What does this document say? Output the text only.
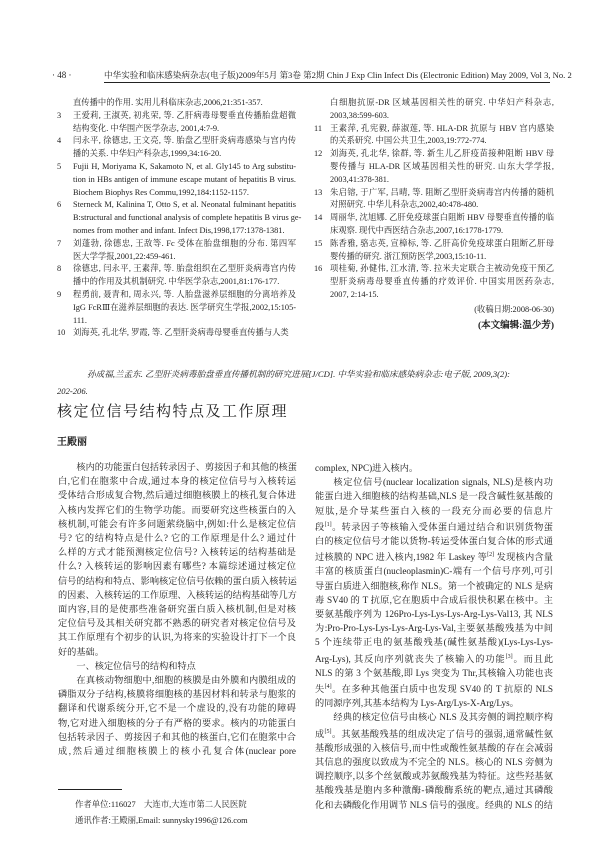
· 48 ·	中华实验和临床感染病杂志(电子版)2009年5月 第3卷 第2期 Chin J Exp Clin Infect Dis (Electronic Edition) May 2009, Vol 3, No. 2
直传播中的作用. 实用儿科临床杂志,2006,21:351-357.
3 王爱莉, 王淑英, 初兆荣, 等. 乙肝病毒母婴垂直传播胎盘超微
结构变化. 中华围产医学杂志, 2001,4:7-9.
4 闫永平, 徐德忠, 王文亮, 等. 胎盘乙型肝炎病毒感染与宫内传
播的关系. 中华妇产科杂志,1999,34:16-20.
5 Fujii H, Moriyama K, Sakamoto N, et al. Gly145 to Arg substitu-
tion in HBs antigen of immune escape mutant of hepatitis B virus.
Biochem Biophys Res Commu,1992,184:1152-1157.
6 Sterneck M, Kalinina T, Otto S, et al. Neonatal fulminant hepatitis
B:structural and functional analysis of complete hepatitis B virus ge-
nomes from mother and infant. Infect Dis,1998,177:1378-1381.
7 刘蓬勃, 徐德忠, 王敌等. Fc 受体在胎盘细胞的分布. 第四军
医大学学报,2001,22:459-461.
8 徐德忠, 闫永平, 王素萍, 等. 胎盘组织在乙型肝炎病毒宫内传
播中的作用及其机制研究. 中华医学杂志,2001,81:176-177.
9 程勇前, 聂青和, 周永兴, 等. 人胎盘滋养层细胞的分离培养及
IgG FcRⅢ在滋养层细胞的表达. 医学研究生学报,2002,15:105-
111.
10 刘海英, 孔北华, 罗霞, 等. 乙型肝炎病毒母婴垂直传播与人类
白细胞抗原-DR 区域基因相关性的研究. 中华妇产科杂志,
2003,38:599-603.
11 王素萍, 孔宪毅, 薛淑莲, 等. HLA-DR 抗原与 HBV 宫内感染
的关系研究. 中国公共卫生,2003,19:772-774.
12 刘海英, 孔北华, 徐群, 等. 新生儿乙肝疫苗接种阻断 HBV 母
婴传播与 HLA-DR 区域基因相关性的研究. 山东大学学报,
2003,41:378-381.
13 朱启镕, 于广军, 吕晴, 等. 阻断乙型肝炎病毒宫内传播的随机
对照研究. 中华儿科杂志,2002,40:478-480.
14 周丽华, 沈旭娜. 乙肝免疫球蛋白阻断 HBV 母婴垂直传播的临
床观察. 现代中西医结合杂志,2007,16:1778-1779.
15 陈香雅, 骆志英, 宣樟标, 等. 乙肝高价免疫球蛋白阻断乙肝母
婴传播的研究. 浙江预防医学,2003,15:10-11.
16 项桂菊, 孙健伟, 江水清, 等. 拉米夫定联合主被动免疫干预乙
型肝炎病毒母婴垂直传播的疗效评价. 中国实用医药杂志,
2007, 2:14-15.
(收稿日期:2008-06-30)
(本文编辑:温少芳)
孙成福,兰孟东. 乙型肝炎病毒胎盘垂直传播机制的研究进展[J/CD]. 中华实验和临床感染病杂志:电子版, 2009,3(2):
202-206.
核定位信号结构特点及工作原理
王殿丽
核内的功能蛋白包括转录因子、剪接因子和其他的核蛋
白,它们在胞浆中合成,通过本身的核定位信号与入核转运
受体结合形成复合物,然后通过细胞核膜上的核孔复合体进
入核内发挥它们的生物学功能。而要研究这些核蛋白的入
核机制,可能会有许多问题萦绕脑中,例如:什么是核定位信
号? 它的结构特点是什么? 它的工作原理是什么? 通过什
么样的方式才能预测核定位信号? 入核转运的结构基础是
什么? 入核转运的影响因素有哪些? 本篇综述通过核定位
信号的结构和特点、影响核定位信号依赖的蛋白质入核转运
的因素、入核转运的工作原理、入核转运的结构基础等几方
面内容,目的是使那些准备研究蛋白质入核机制,但是对核
定位信号及其相关研究都不熟悉的研究者对核定位信号及
其工作原理有个初步的认识,为将来的实验设计打下一个良
好的基础。
一、核定位信号的结构和特点
在真核动物细胞中,细胞的核膜是由外膜和内膜组成的
磷脂双分子结构,核膜将细胞核的基因材料和转录与胞浆的
翻译和代谢系统分开,它不是一个虚设的,没有功能的障碍
物,它对进入细胞核的分子有严格的要求。核内的功能蛋白
包括转录因子、剪接因子和其他的核蛋白,它们在胞浆中合
成,然后通过细胞核膜上的核小孔复合体(nuclear pore
complex, NPC)进入核内。
核定位信号(nuclear localization signals, NLS)是核内功
能蛋白进入细胞核的结构基础,NLS 是一段含碱性氨基酸的
短肽,是介导某些蛋白入核的一段充分而必要的信息片
段[1]。转录因子等核输入受体蛋白通过结合和识别货物蛋
白的核定位信号才能以货物-转运受体蛋白复合体的形式通
过核膜的 NPC 进入核内,1982 年 Laskey 等[2] 发现核内含量
丰富的核质蛋白(nucleoplasmin)C-端有一个信号序列,可引
导蛋白质进入细胞核,称作 NLS。第一个被确定的 NLS 是病
毒 SV40 的 T 抗原,它在胞质中合成后很快积累在核中。主
要氨基酸序列为 126Pro-Lys-Lys-Lys-Arg-Lys-Val13, 其 NLS
为:Pro-Pro-Lys-Lys-Lys-Arg-Lys-Val,主要氨基酸残基为中间
5 个连续带正电的氨基酸残基(碱性氨基酸)(Lys-Lys-Lys-
Arg-Lys), 其反向序列就丧失了核输入的功能[3]。而且此
NLS 的第 3 个氨基酸,即 Lys 突变为 Thr,其核输入功能也丧
失[4]。在多种其他蛋白质中也发现 SV40 的 T 抗原的 NLS
的同源序列,其基本结构为 Lys-Arg/Lys-X-Arg/Lys。
经典的核定位信号由核心 NLS 及其旁侧的调控顺序构
成[5]。其氨基酸残基的组成决定了信号的强弱,通常碱性氨
基酸形成强的入核信号,而中性或酸性氨基酸的存在会减弱
其信息的强度以致成为不完全的 NLS。核心的 NLS 旁侧为
调控顺序,以多个丝氨酸或苏氨酸残基为特征。这些羟基氨
基酸残基是胞内多种激酶-磷酸酶系统的靶点,通过其磷酸
化和去磷酸化作用调节 NLS 信号的强度。经典的 NLS 的结
作者单位:116027　大连市,大连市第二人民医院
通讯作者:王殿丽,Email: sunnysky1996@126.com
